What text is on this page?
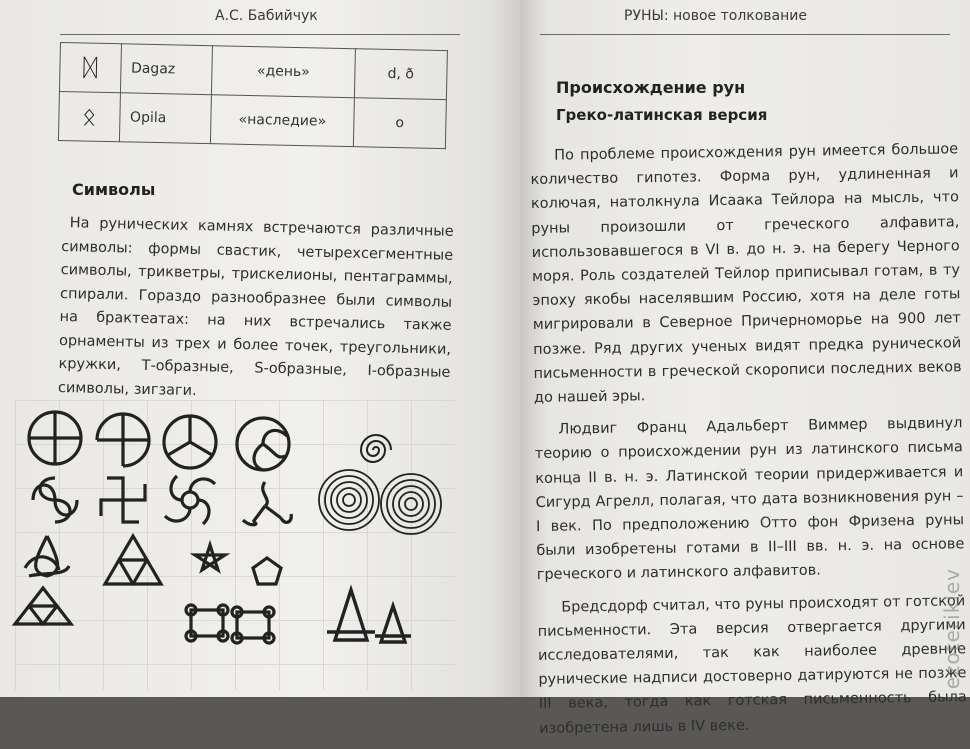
А.С. Бабийчук
ᛞ	Dagaz	«день»	d, ð
ᛟ	Opila	«наследие»	o
Символы
На рунических камнях встречаются различные символы: формы свастик, четырехсегментные символы, трикветры, трискелионы, пентаграммы, спирали. Гораздо разнообразнее были символы на брактеатах: на них встречались также орнаменты из трех и более точек, треугольники, кружки, Т-образные, S-образные, I-образные символы, зигзаги.
РУНЫ: новое толкование
Происхождение рун
Греко-латинская версия

По проблеме происхождения рун имеется большое количество гипотез. Форма рун, удлиненная и колючая, натолкнула Исаака Тейлора на мысль, что руны произошли от греческого алфавита, использовавшегося в VI в. до н. э. на берегу Черного моря. Роль создателей Тейлор приписывал готам, в ту эпоху якобы населявшим Россию, хотя на деле готы мигрировали в Северное Причерноморье на 900 лет позже. Ряд других ученых видят предка рунической письменности в греческой скорописи последних веков до нашей эры.

Людвиг Франц Адальберт Виммер выдвинул теорию о происхождении рун из латинского письма конца II в. н. э. Латинской теории придерживается и Сигурд Агрелл, полагая, что дата возникновения рун – I век. По предположению Отто фон Фризена руны были изобретены готами в II–III вв. н. э. на основе греческого и латинского алфавитов.

Бредсдорф считал, что руны происходят от готской письменности. Эта версия отвергается другими исследователями, так как наиболее древние рунические надписи достоверно датируются не позже III века, тогда как готская письменность была изобретена лишь в IV веке.

ezoteriklev
